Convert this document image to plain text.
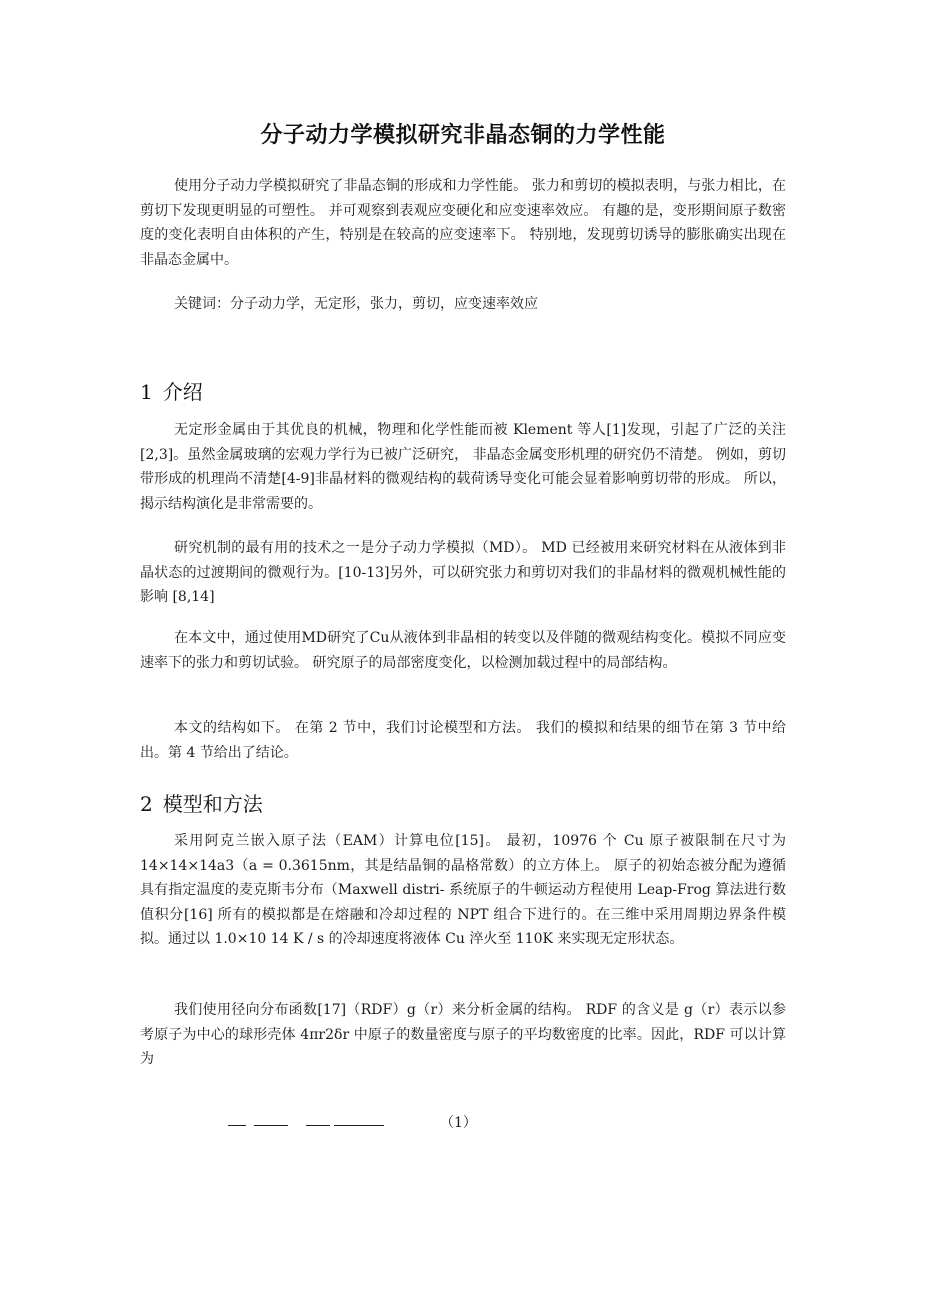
分子动力学模拟研究非晶态铜的力学性能

使用分子动力学模拟研究了非晶态铜的形成和力学性能。 张力和剪切的模拟表明，与张力相比，在剪切下发现更明显的可塑性。 并可观察到表观应变硬化和应变速率效应。 有趣的是，变形期间原子数密度的变化表明自由体积的产生，特别是在较高的应变速率下。 特别地，发现剪切诱导的膨胀确实出现在非晶态金属中。

关键词：分子动力学，无定形，张力，剪切，应变速率效应

1 介绍

无定形金属由于其优良的机械，物理和化学性能而被 Klement 等人[1]发现，引起了广泛的关注[2,3]。虽然金属玻璃的宏观力学行为已被广泛研究， 非晶态金属变形机理的研究仍不清楚。 例如，剪切带形成的机理尚不清楚[4-9]非晶材料的微观结构的载荷诱导变化可能会显着影响剪切带的形成。 所以，揭示结构演化是非常需要的。

研究机制的最有用的技术之一是分子动力学模拟（MD）。 MD 已经被用来研究材料在从液体到非晶状态的过渡期间的微观行为。[10-13]另外，可以研究张力和剪切对我们的非晶材料的微观机械性能的影响 [8,14]

在本文中，通过使用MD研究了Cu从液体到非晶相的转变以及伴随的微观结构变化。模拟不同应变速率下的张力和剪切试验。 研究原子的局部密度变化，以检测加载过程中的局部结构。

本文的结构如下。 在第 2 节中，我们讨论模型和方法。 我们的模拟和结果的细节在第 3 节中给出。第 4 节给出了结论。

2 模型和方法

采用阿克兰嵌入原子法（EAM）计算电位[15]。 最初，10976 个 Cu 原子被限制在尺寸为 14×14×14a3（a = 0.3615nm，其是结晶铜的晶格常数）的立方体上。 原子的初始态被分配为遵循具有指定温度的麦克斯韦分布（Maxwell distri- 系统原子的牛顿运动方程使用 Leap-Frog 算法进行数值积分[16] 所有的模拟都是在熔融和冷却过程的 NPT 组合下进行的。在三维中采用周期边界条件模拟。通过以 1.0×10 14 K / s 的冷却速度将液体 Cu 淬火至 110K 来实现无定形状态。

我们使用径向分布函数[17]（RDF）g（r）来分析金属的结构。 RDF 的含义是 g（r）表示以参考原子为中心的球形壳体 4πr2δr 中原子的数量密度与原子的平均数密度的比率。因此，RDF 可以计算为

（1）
